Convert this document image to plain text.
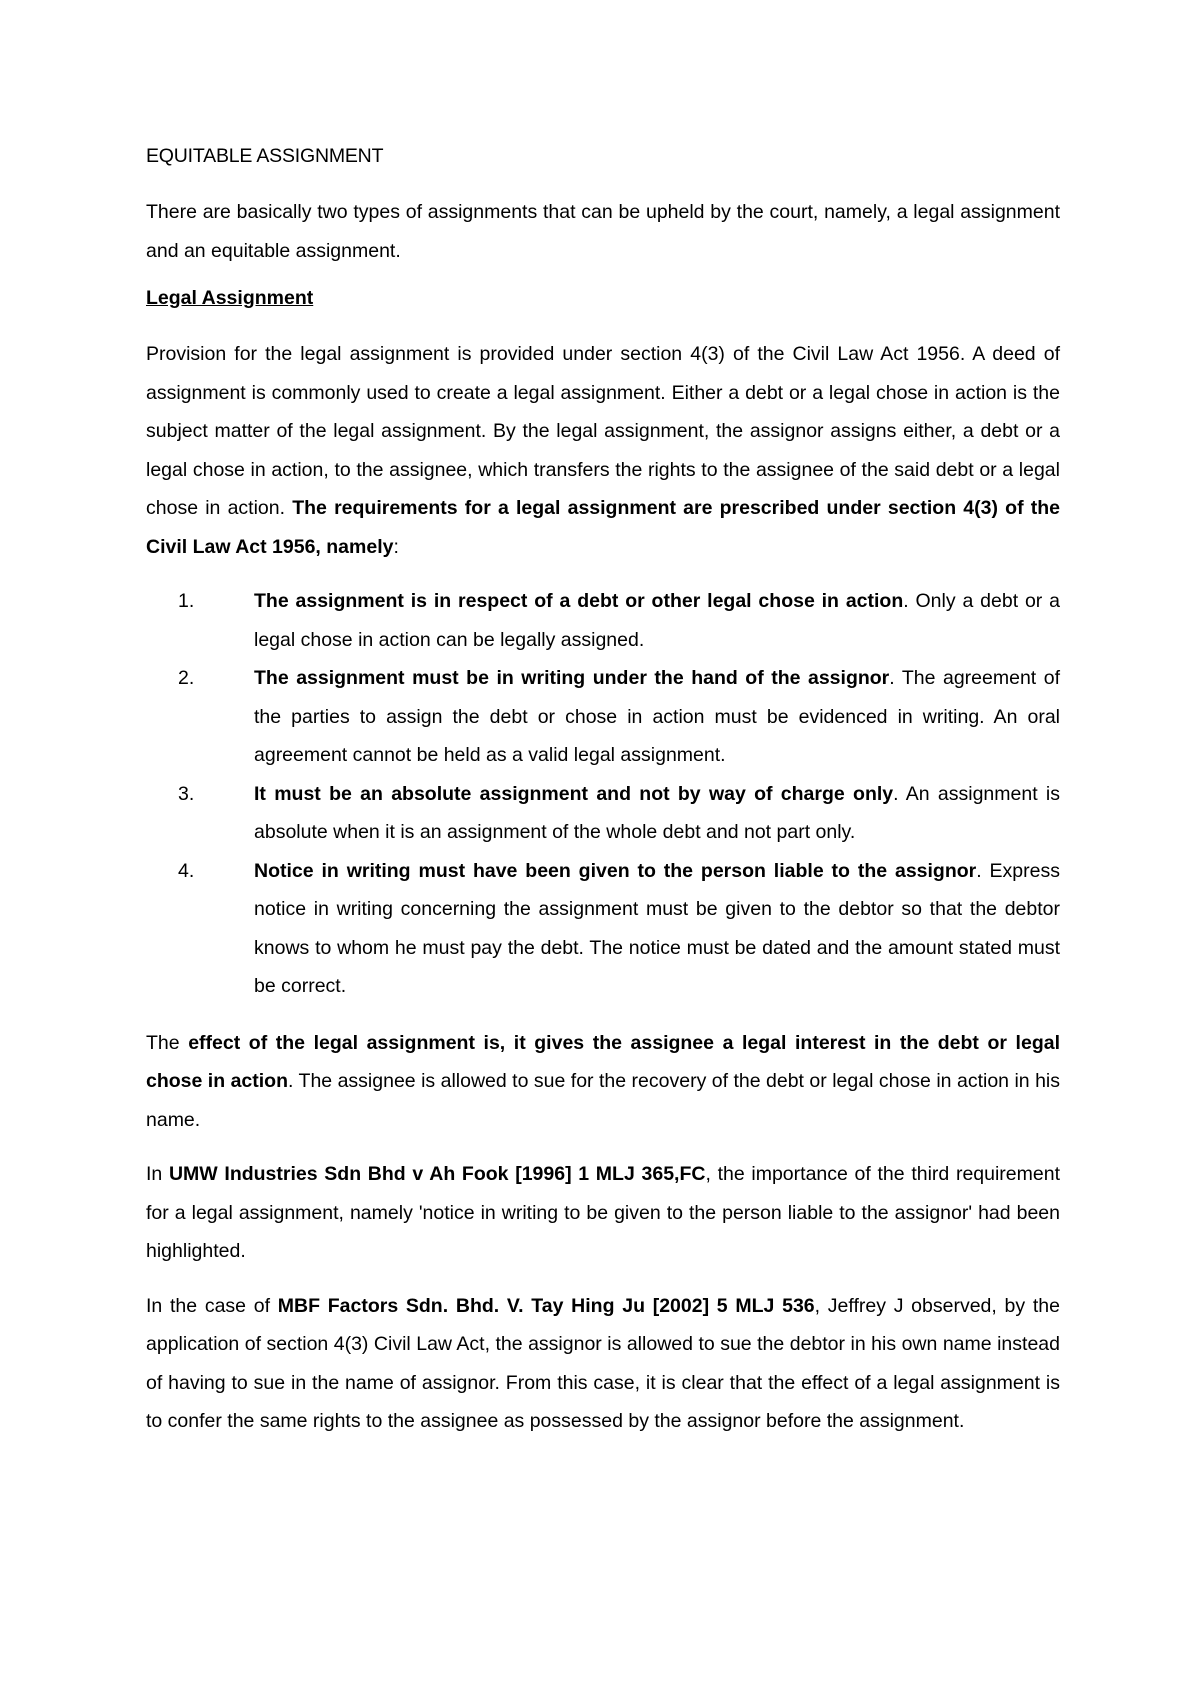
EQUITABLE ASSIGNMENT

There are basically two types of assignments that can be upheld by the court, namely, a legal assignment and an equitable assignment.

Legal Assignment

Provision for the legal assignment is provided under section 4(3) of the Civil Law Act 1956. A deed of assignment is commonly used to create a legal assignment. Either a debt or a legal chose in action is the subject matter of the legal assignment. By the legal assignment, the assignor assigns either, a debt or a legal chose in action, to the assignee, which transfers the rights to the assignee of the said debt or a legal chose in action. The requirements for a legal assignment are prescribed under section 4(3) of the Civil Law Act 1956, namely:

1.	The assignment is in respect of a debt or other legal chose in action. Only a debt or a legal chose in action can be legally assigned.
2.	The assignment must be in writing under the hand of the assignor. The agreement of the parties to assign the debt or chose in action must be evidenced in writing. An oral agreement cannot be held as a valid legal assignment.
3.	It must be an absolute assignment and not by way of charge only. An assignment is absolute when it is an assignment of the whole debt and not part only.
4.	Notice in writing must have been given to the person liable to the assignor. Express notice in writing concerning the assignment must be given to the debtor so that the debtor knows to whom he must pay the debt. The notice must be dated and the amount stated must be correct.

The effect of the legal assignment is, it gives the assignee a legal interest in the debt or legal chose in action. The assignee is allowed to sue for the recovery of the debt or legal chose in action in his name.

In UMW Industries Sdn Bhd v Ah Fook [1996] 1 MLJ 365,FC, the importance of the third requirement for a legal assignment, namely 'notice in writing to be given to the person liable to the assignor' had been highlighted.

In the case of MBF Factors Sdn. Bhd. V. Tay Hing Ju [2002] 5 MLJ 536, Jeffrey J observed, by the application of section 4(3) Civil Law Act, the assignor is allowed to sue the debtor in his own name instead of having to sue in the name of assignor. From this case, it is clear that the effect of a legal assignment is to confer the same rights to the assignee as possessed by the assignor before the assignment.
